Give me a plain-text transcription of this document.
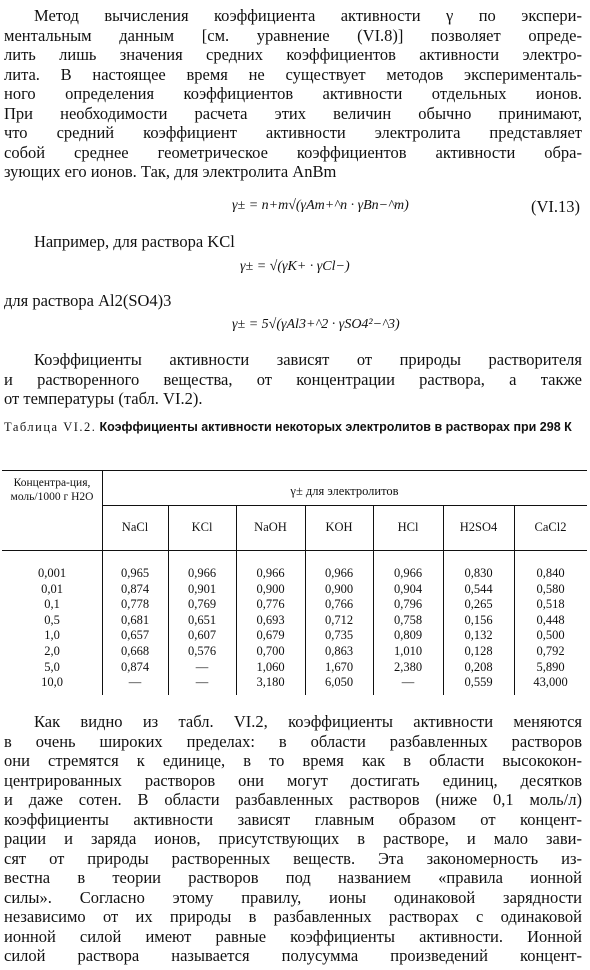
Метод вычисления коэффициента активности γ по экспери-
ментальным данным [см. уравнение (VI.8)] позволяет опреде-
лить лишь значения средних коэффициентов активности электро-
лита. В настоящее время не существует методов эксперименталь-
ного определения коэффициентов активности отдельных ионов.
При необходимости расчета этих величин обычно принимают,
что средний коэффициент активности электролита представляет
собой среднее геометрическое коэффициентов активности обра-
зующих его ионов. Так, для электролита AnBm
γ± = n+m√(γAm+^n · γBn−^m)	(VI.13)
Например, для раствора KCl
γ± = √(γK+ · γCl−)
для раствора Al2(SO4)3
γ± = 5√(γAl3+^2 · γSO4²−^3)
Коэффициенты активности зависят от природы растворителя
и растворенного вещества, от концентрации раствора, а также
от температуры (табл. VI.2).
Таблица VI.2. Коэффициенты активности некоторых электролитов в растворах при 298 К
Концентра-ция, моль/1000 г H2O	γ± для электролитов
NaCl	KCl	NaOH	KOH	HCl	H2SO4	CaCl2
0,001	0,965	0,966	0,966	0,966	0,966	0,830	0,840
0,01	0,874	0,901	0,900	0,900	0,904	0,544	0,580
0,1	0,778	0,769	0,776	0,766	0,796	0,265	0,518
0,5	0,681	0,651	0,693	0,712	0,758	0,156	0,448
1,0	0,657	0,607	0,679	0,735	0,809	0,132	0,500
2,0	0,668	0,576	0,700	0,863	1,010	0,128	0,792
5,0	0,874	—	1,060	1,670	2,380	0,208	5,890
10,0	—	—	3,180	6,050	—	0,559	43,000
Как видно из табл. VI.2, коэффициенты активности меняются
в очень широких пределах: в области разбавленных растворов
они стремятся к единице, в то время как в области высококон-
центрированных растворов они могут достигать единиц, десятков
и даже сотен. В области разбавленных растворов (ниже 0,1 моль/л)
коэффициенты активности зависят главным образом от концент-
рации и заряда ионов, присутствующих в растворе, и мало зави-
сят от природы растворенных веществ. Эта закономерность из-
вестна в теории растворов под названием «правила ионной
силы». Согласно этому правилу, ионы одинаковой зарядности
независимо от их природы в разбавленных растворах с одинаковой
ионной силой имеют равные коэффициенты активности. Ионной
силой раствора называется полусумма произведений концент-
